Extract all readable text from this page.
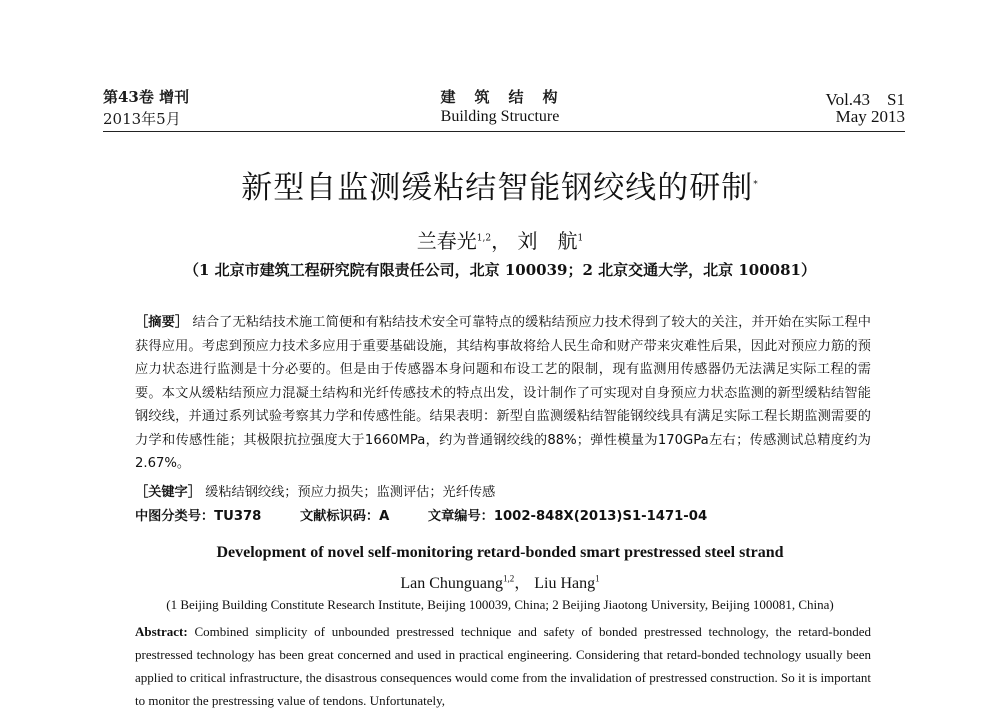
第43卷 增刊
2013年5月
建　筑　结　构
Building Structure
Vol.43　S1
May 2013
新型自监测缓粘结智能钢绞线的研制*
兰春光$^{1,2}$， 刘　航$^1$
（1 北京市建筑工程研究院有限责任公司，北京 100039；2 北京交通大学，北京 100081）
［摘要］ 结合了无粘结技术施工简便和有粘结技术安全可靠特点的缓粘结预应力技术得到了较大的关注，并开始在实际工程中获得应用。考虑到预应力技术多应用于重要基础设施，其结构事故将给人民生命和财产带来灾难性后果，因此对预应力筋的预应力状态进行监测是十分必要的。但是由于传感器本身问题和布设工艺的限制，现有监测用传感器仍无法满足实际工程的需要。本文从缓粘结预应力混凝土结构和光纤传感技术的特点出发，设计制作了可实现对自身预应力状态监测的新型缓粘结智能钢绞线，并通过系列试验考察其力学和传感性能。结果表明：新型自监测缓粘结智能钢绞线具有满足实际工程长期监测需要的力学和传感性能；其极限抗拉强度大于1660MPa，约为普通钢绞线的88%；弹性模量为170GPa左右；传感测试总精度约为2.67%。
［关键字］ 缓粘结钢绞线；预应力损失；监测评估；光纤传感
中图分类号：TU378	文献标识码：A	文章编号：1002-848X(2013)S1-1471-04
Development of novel self-monitoring retard-bonded smart prestressed steel strand
Lan Chunguang$^{1,2}$， Liu Hang$^1$
(1 Beijing Building Constitute Research Institute, Beijing 100039, China; 2 Beijing Jiaotong University, Beijing 100081, China)
Abstract: Combined simplicity of unbounded prestressed technique and safety of bonded prestressed technology, the retard-bonded prestressed technology has been great concerned and used in practical engineering. Considering that retard-bonded technology usually been applied to critical infrastructure, the disastrous consequences would come from the invalidation of prestressed construction. So it is important to monitor the prestressing value of tendons. Unfortunately,
